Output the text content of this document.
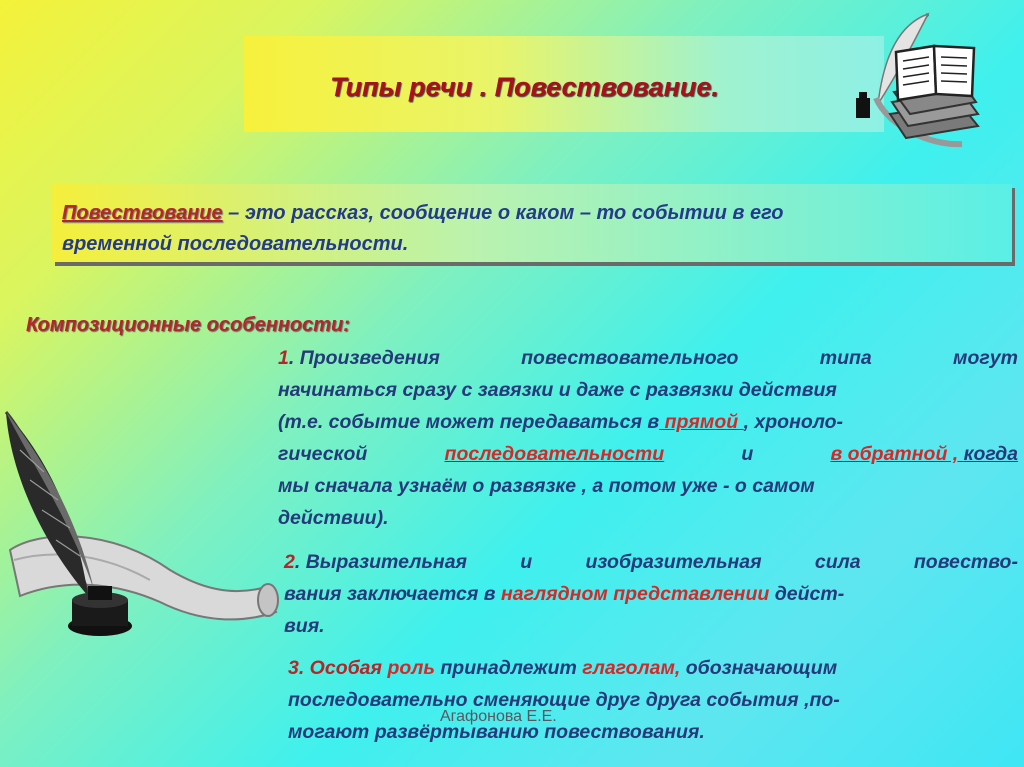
Типы речи . Повествование.
Повествование – это рассказ, сообщение о каком – то событии в его
временной последовательности.
Композиционные особенности:

1. Произведения	повествовательного	типа	могут

начинаться сразу с завязки и даже с развязки действия

(т.е. событие может передаваться в прямой , хроноло-

гической	последовательности	и	в обратной , когда

мы сначала узнаём о развязке , а потом уже - о самом

действии).

2. Выразительная	и	изобразительная	сила	повество-

вания заключается в наглядном представлении дейст-

вия.

3. Особая роль принадлежит глаголам, обозначающим

последовательно сменяющие друг друга события ,по-

могают развёртыванию повествования.

Агафонова Е.Е.
